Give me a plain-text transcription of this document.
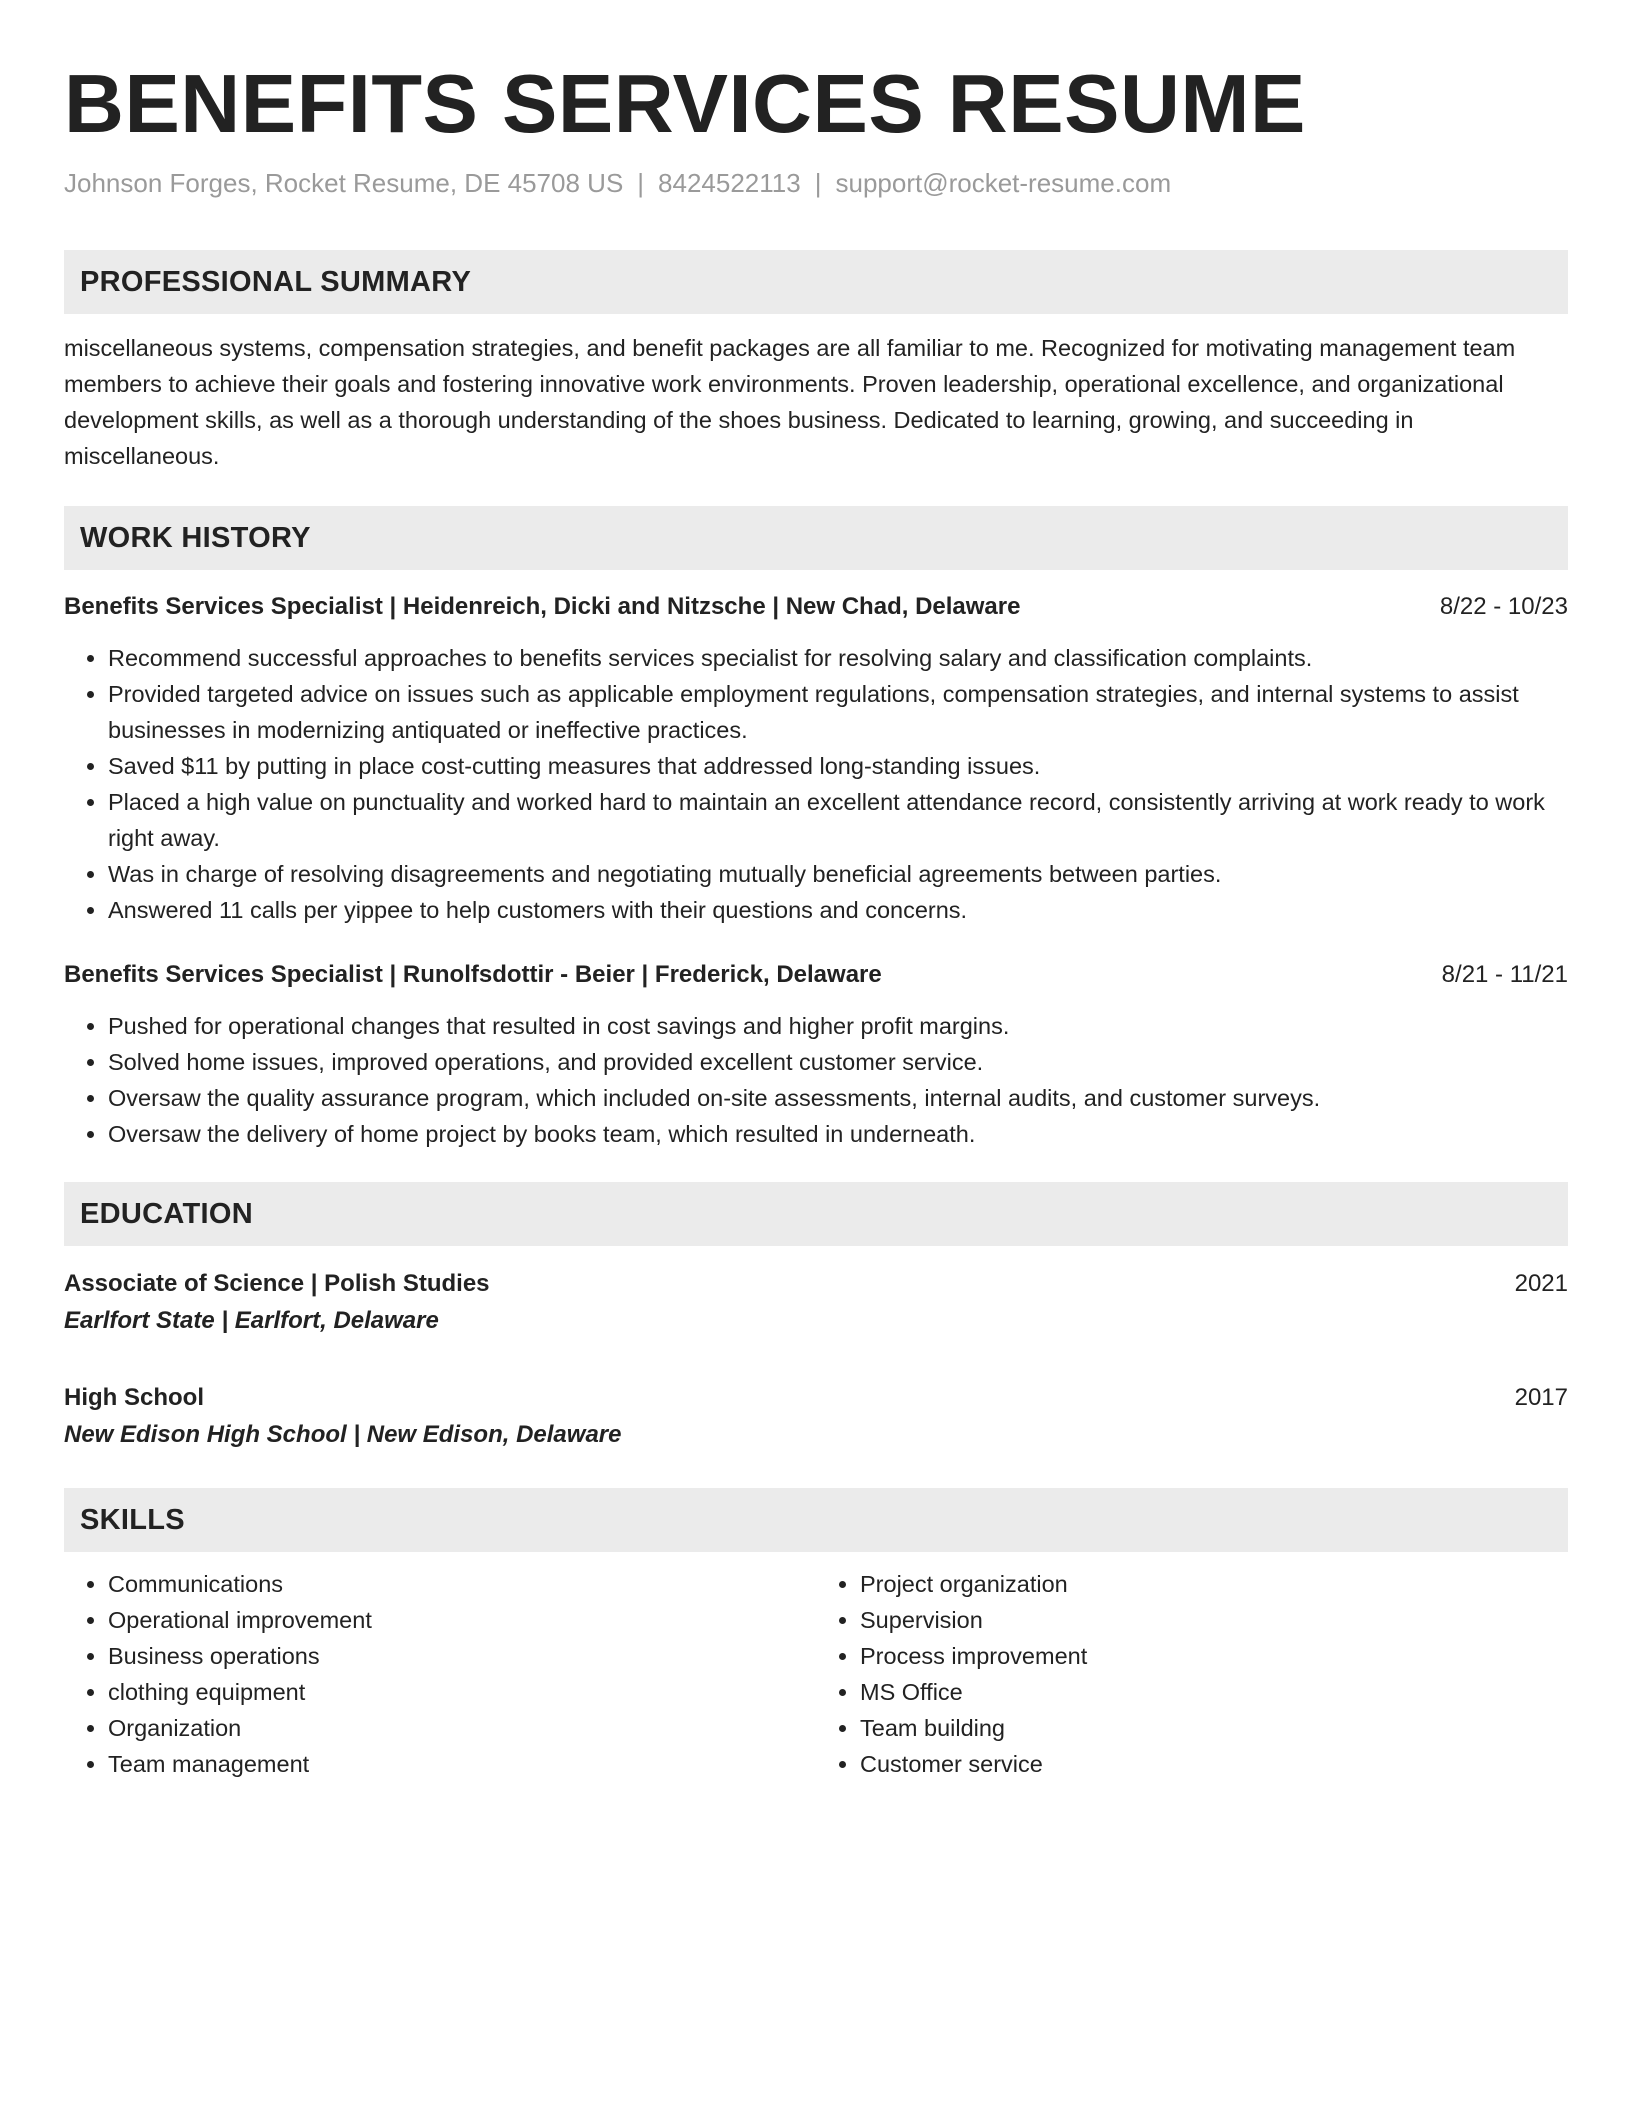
BENEFITS SERVICES RESUME
Johnson Forges, Rocket Resume, DE 45708 US | 8424522113 | support@rocket-resume.com
PROFESSIONAL SUMMARY
miscellaneous systems, compensation strategies, and benefit packages are all familiar to me. Recognized for motivating management team members to achieve their goals and fostering innovative work environments. Proven leadership, operational excellence, and organizational development skills, as well as a thorough understanding of the shoes business. Dedicated to learning, growing, and succeeding in miscellaneous.
WORK HISTORY
Benefits Services Specialist | Heidenreich, Dicki and Nitzsche | New Chad, Delaware	8/22 - 10/23
• Recommend successful approaches to benefits services specialist for resolving salary and classification complaints.
• Provided targeted advice on issues such as applicable employment regulations, compensation strategies, and internal systems to assist businesses in modernizing antiquated or ineffective practices.
• Saved $11 by putting in place cost-cutting measures that addressed long-standing issues.
• Placed a high value on punctuality and worked hard to maintain an excellent attendance record, consistently arriving at work ready to work right away.
• Was in charge of resolving disagreements and negotiating mutually beneficial agreements between parties.
• Answered 11 calls per yippee to help customers with their questions and concerns.
Benefits Services Specialist | Runolfsdottir - Beier | Frederick, Delaware	8/21 - 11/21
• Pushed for operational changes that resulted in cost savings and higher profit margins.
• Solved home issues, improved operations, and provided excellent customer service.
• Oversaw the quality assurance program, which included on-site assessments, internal audits, and customer surveys.
• Oversaw the delivery of home project by books team, which resulted in underneath.
EDUCATION
Associate of Science | Polish Studies	2021
Earlfort State | Earlfort, Delaware
High School	2017
New Edison High School | New Edison, Delaware
SKILLS
• Communications
• Operational improvement
• Business operations
• clothing equipment
• Organization
• Team management
• Project organization
• Supervision
• Process improvement
• MS Office
• Team building
• Customer service
